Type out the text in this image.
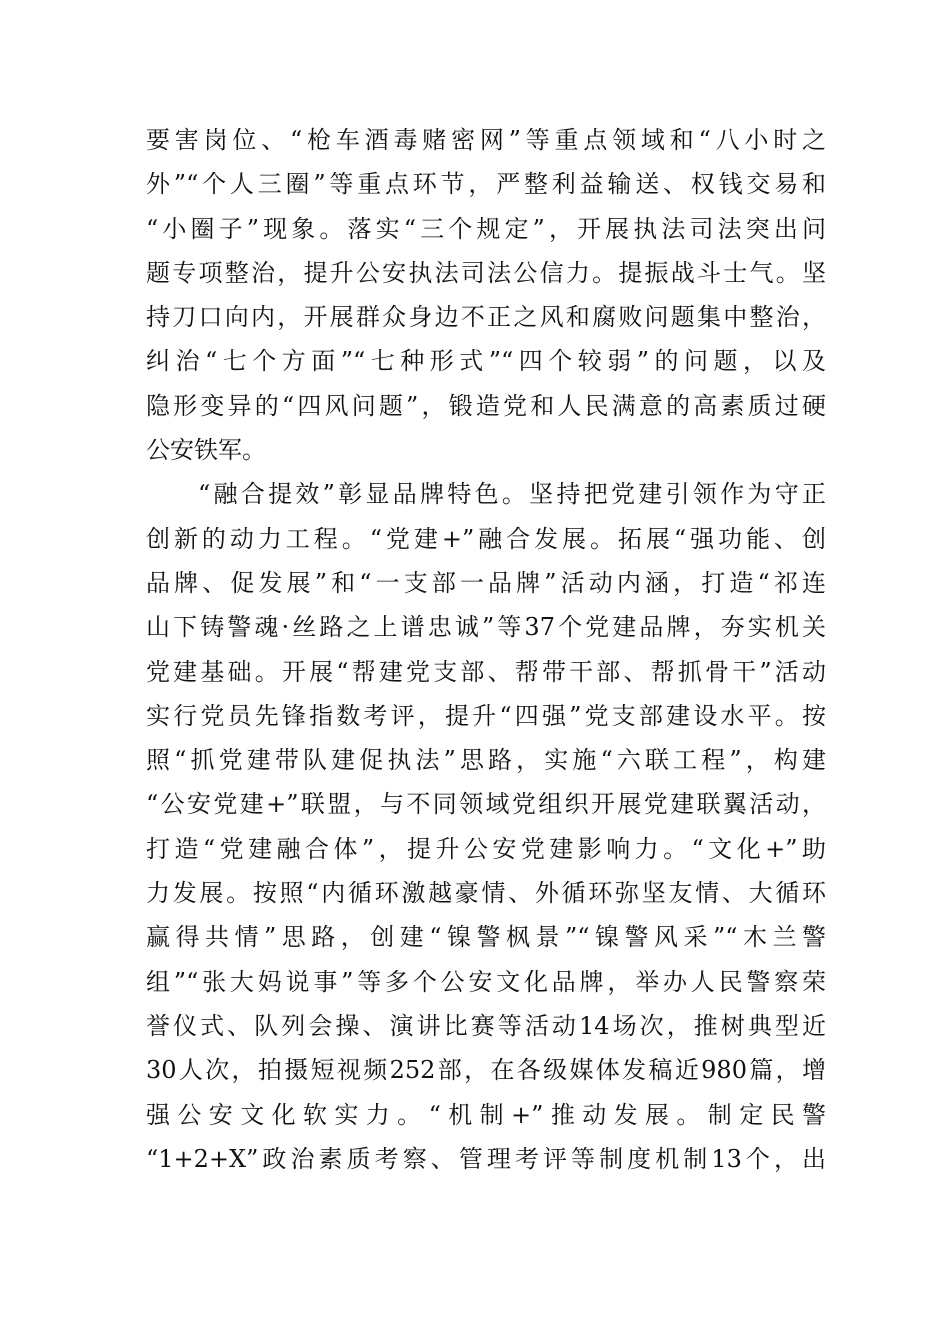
要害岗位、“枪车酒毒赌密网”等重点领域和“八小时之
外”“个人三圈”等重点环节，严整利益输送、权钱交易和
“小圈子”现象。落实“三个规定”，开展执法司法突出问
题专项整治，提升公安执法司法公信力。提振战斗士气。坚
持刀口向内，开展群众身边不正之风和腐败问题集中整治，
纠治“七个方面”“七种形式”“四个较弱”的问题，以及
隐形变异的“四风问题”，锻造党和人民满意的高素质过硬
公安铁军。
“融合提效”彰显品牌特色。坚持把党建引领作为守正
创新的动力工程。“党建+”融合发展。拓展“强功能、创
品牌、促发展”和“一支部一品牌”活动内涵，打造“祁连
山下铸警魂·丝路之上谱忠诚”等37个党建品牌，夯实机关
党建基础。开展“帮建党支部、帮带干部、帮抓骨干”活动
实行党员先锋指数考评，提升“四强”党支部建设水平。按
照“抓党建带队建促执法”思路，实施“六联工程”，构建
“公安党建+”联盟，与不同领域党组织开展党建联翼活动，
打造“党建融合体”，提升公安党建影响力。“文化+”助
力发展。按照“内循环激越豪情、外循环弥坚友情、大循环
赢得共情”思路，创建“镍警枫景”“镍警风采”“木兰警
组”“张大妈说事”等多个公安文化品牌，举办人民警察荣
誉仪式、队列会操、演讲比赛等活动14场次，推树典型近
30人次，拍摄短视频252部，在各级媒体发稿近980篇，增
强公安文化软实力。“机制+”推动发展。制定民警
“1+2+X”政治素质考察、管理考评等制度机制13个，出
